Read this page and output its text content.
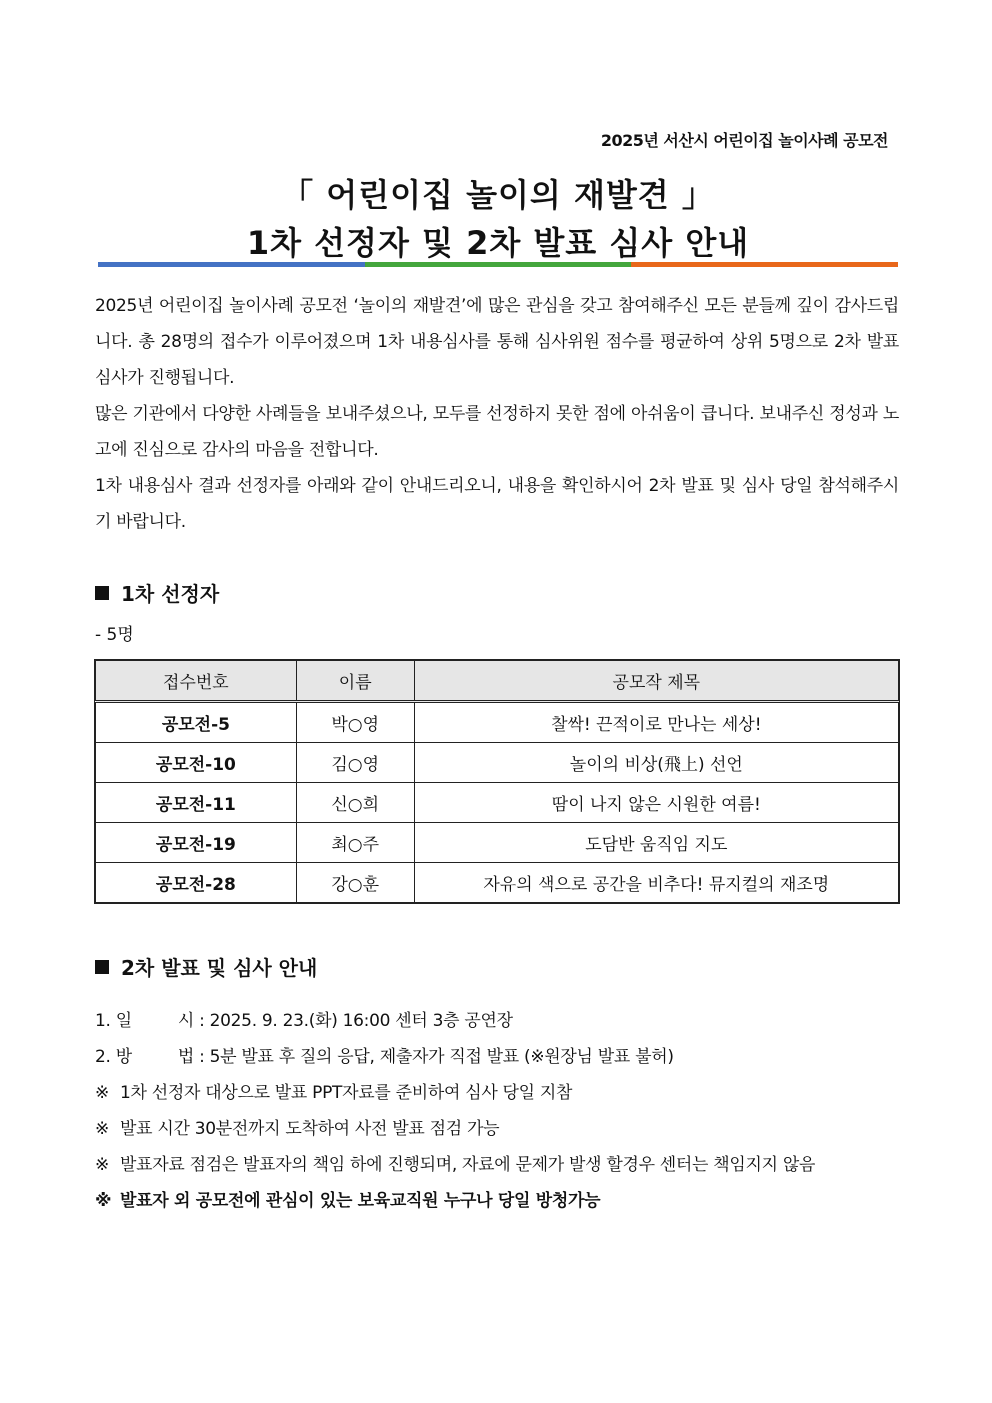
2025년 서산시 어린이집 놀이사례 공모전
「 어린이집 놀이의 재발견 」
1차 선정자 및 2차 발표 심사 안내

2025년 어린이집 놀이사례 공모전 ‘놀이의 재발견’에 많은 관심을 갖고 참여해주신 모든 분들께 깊이 감사드립니다. 총 28명의 접수가 이루어졌으며 1차 내용심사를 통해 심사위원 점수를 평균하여 상위 5명으로 2차 발표 심사가 진행됩니다.

많은 기관에서 다양한 사례들을 보내주셨으나, 모두를 선정하지 못한 점에 아쉬움이 큽니다. 보내주신 정성과 노고에 진심으로 감사의 마음을 전합니다.

1차 내용심사 결과 선정자를 아래와 같이 안내드리오니, 내용을 확인하시어 2차 발표 및 심사 당일 참석해주시기 바랍니다.

1차 선정자
- 5명
접수번호	이름	공모작 제목
공모전-5	박○영	찰싹! 끈적이로 만나는 세상!
공모전-10	김○영	놀이의 비상(飛上) 선언
공모전-11	신○희	땀이 나지 않은 시원한 여름!
공모전-19	최○주	도담반 움직임 지도
공모전-28	강○훈	자유의 색으로 공간을 비추다! 뮤지컬의 재조명
2차 발표 및 심사 안내
1. 일	시 : 2025. 9. 23.(화) 16:00 센터 3층 공연장
2. 방	법 : 5분 발표 후 질의 응답, 제출자가 직접 발표 (※원장님 발표 불허)
※ 1차 선정자 대상으로 발표 PPT자료를 준비하여 심사 당일 지참
※ 발표 시간 30분전까지 도착하여 사전 발표 점검 가능
※ 발표자료 점검은 발표자의 책임 하에 진행되며, 자료에 문제가 발생 할경우 센터는 책임지지 않음
※ 발표자 외 공모전에 관심이 있는 보육교직원 누구나 당일 방청가능
